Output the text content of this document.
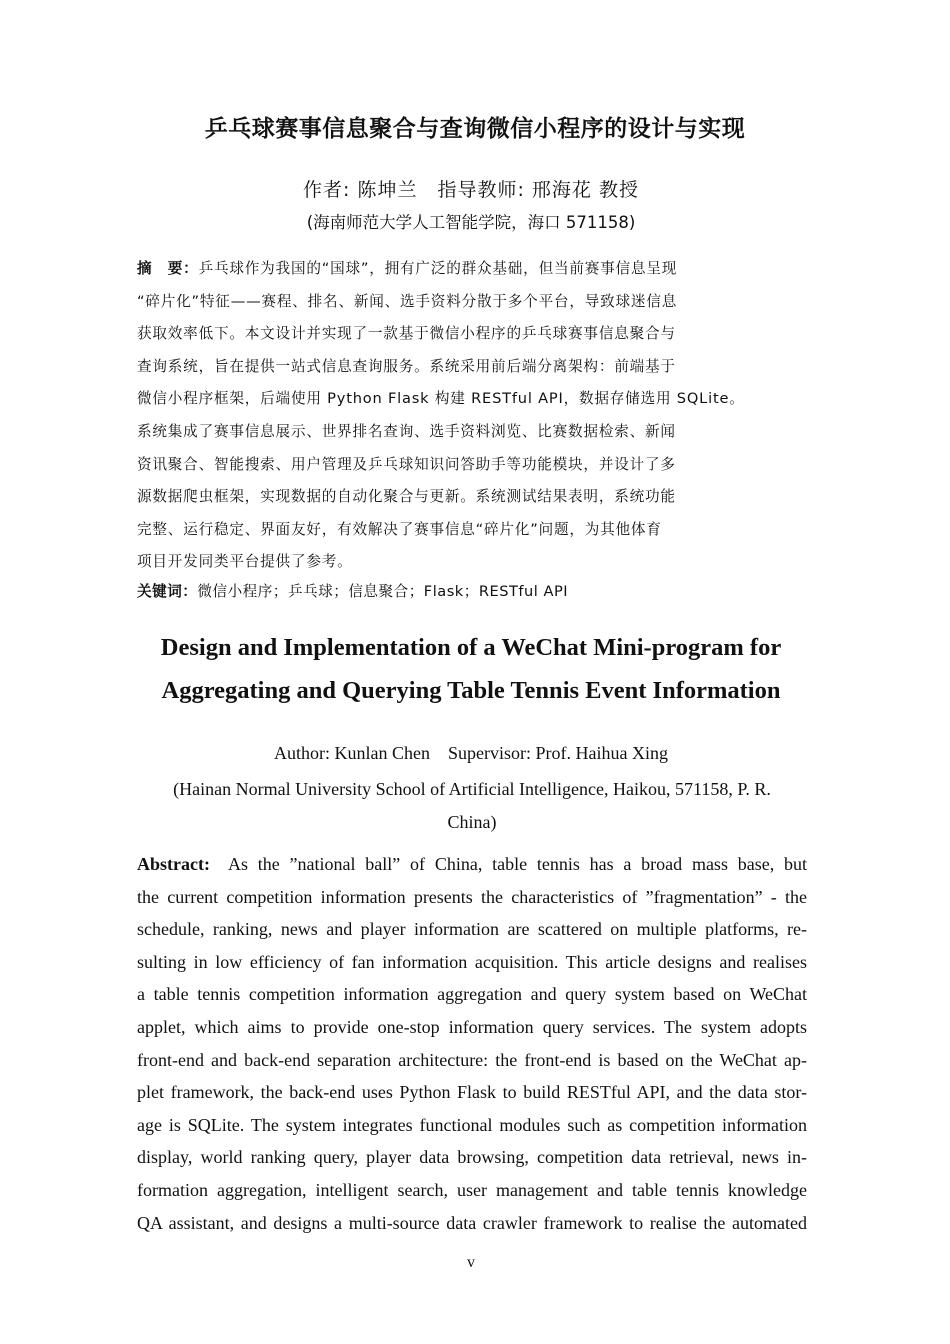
乒乓球赛事信息聚合与查询微信小程序的设计与实现
作者: 陈坤兰　指导教师: 邢海花 教授
(海南师范大学人工智能学院，海口 571158)
摘　要：乒乓球作为我国的“国球”，拥有广泛的群众基础，但当前赛事信息呈现
“碎片化”特征——赛程、排名、新闻、选手资料分散于多个平台，导致球迷信息
获取效率低下。本文设计并实现了一款基于微信小程序的乒乓球赛事信息聚合与
查询系统，旨在提供一站式信息查询服务。系统采用前后端分离架构：前端基于
微信小程序框架，后端使用 Python Flask 构建 RESTful API，数据存储选用 SQLite。
系统集成了赛事信息展示、世界排名查询、选手资料浏览、比赛数据检索、新闻
资讯聚合、智能搜索、用户管理及乒乓球知识问答助手等功能模块，并设计了多
源数据爬虫框架，实现数据的自动化聚合与更新。系统测试结果表明，系统功能
完整、运行稳定、界面友好，有效解决了赛事信息“碎片化”问题，为其他体育
项目开发同类平台提供了参考。
关键词：微信小程序；乒乓球；信息聚合；Flask；RESTful API
Design and Implementation of a WeChat Mini-program for
Aggregating and Querying Table Tennis Event Information
Author: Kunlan Chen    Supervisor: Prof. Haihua Xing
(Hainan Normal University School of Artificial Intelligence, Haikou, 571158, P. R.
China)
Abstract: As the ”national ball” of China, table tennis has a broad mass base, but
the current competition information presents the characteristics of ”fragmentation” - the
schedule, ranking, news and player information are scattered on multiple platforms, re-
sulting in low efficiency of fan information acquisition. This article designs and realises
a table tennis competition information aggregation and query system based on WeChat
applet, which aims to provide one-stop information query services. The system adopts
front-end and back-end separation architecture: the front-end is based on the WeChat ap-
plet framework, the back-end uses Python Flask to build RESTful API, and the data stor-
age is SQLite. The system integrates functional modules such as competition information
display, world ranking query, player data browsing, competition data retrieval, news in-
formation aggregation, intelligent search, user management and table tennis knowledge
QA assistant, and designs a multi-source data crawler framework to realise the automated
v
